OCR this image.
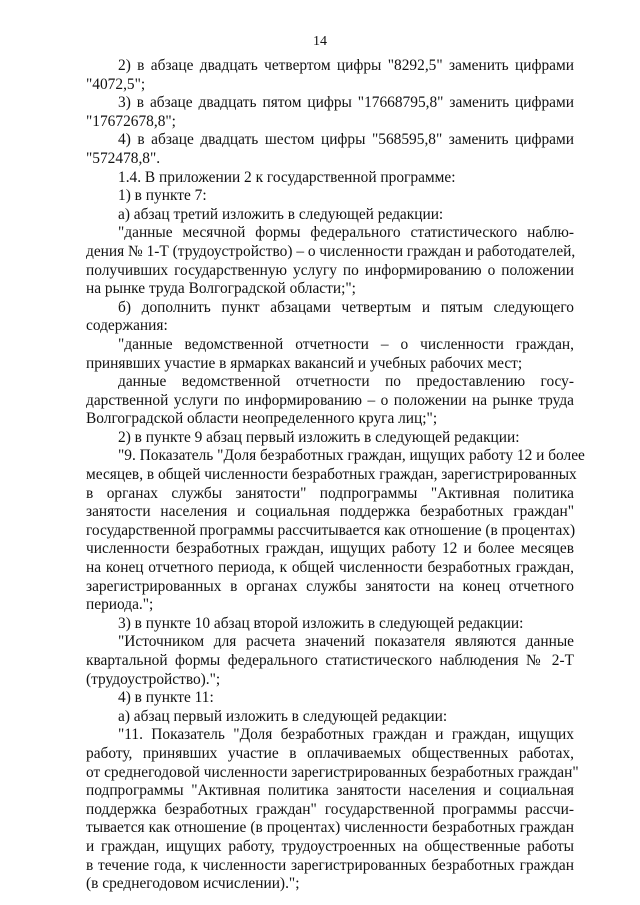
14
2) в абзаце двадцать четвертом цифры "8292,5" заменить цифрами
"4072,5";
3) в абзаце двадцать пятом цифры "17668795,8" заменить цифрами
"17672678,8";
4) в абзаце двадцать шестом цифры "568595,8" заменить цифрами
"572478,8".
1.4. В приложении 2 к государственной программе:
1) в пункте 7:
а) абзац третий изложить в следующей редакции:
"данные месячной формы федерального статистического наблю-
дения № 1-Т (трудоустройство) – о численности граждан и работодателей,
получивших государственную услугу по информированию о положении
на рынке труда Волгоградской области;";
б) дополнить пункт абзацами четвертым и пятым следующего
содержания:
"данные ведомственной отчетности – о численности граждан,
принявших участие в ярмарках вакансий и учебных рабочих мест;
данные ведомственной отчетности по предоставлению госу-
дарственной услуги по информированию – о положении на рынке труда
Волгоградской области неопределенного круга лиц;";
2) в пункте 9 абзац первый изложить в следующей редакции:
"9. Показатель "Доля безработных граждан, ищущих работу 12 и более
месяцев, в общей численности безработных граждан, зарегистрированных
в органах службы занятости" подпрограммы "Активная политика
занятости населения и социальная поддержка безработных граждан"
государственной программы рассчитывается как отношение (в процентах)
численности безработных граждан, ищущих работу 12 и более месяцев
на конец отчетного периода, к общей численности безработных граждан,
зарегистрированных в органах службы занятости на конец отчетного
периода.";
3) в пункте 10 абзац второй изложить в следующей редакции:
"Источником для расчета значений показателя являются данные
квартальной формы федерального статистического наблюдения № 2-Т
(трудоустройство).";
4) в пункте 11:
а) абзац первый изложить в следующей редакции:
"11. Показатель "Доля безработных граждан и граждан, ищущих
работу, принявших участие в оплачиваемых общественных работах,
от среднегодовой численности зарегистрированных безработных граждан"
подпрограммы "Активная политика занятости населения и социальная
поддержка безработных граждан" государственной программы рассчи-
тывается как отношение (в процентах) численности безработных граждан
и граждан, ищущих работу, трудоустроенных на общественные работы
в течение года, к численности зарегистрированных безработных граждан
(в среднегодовом исчислении).";
